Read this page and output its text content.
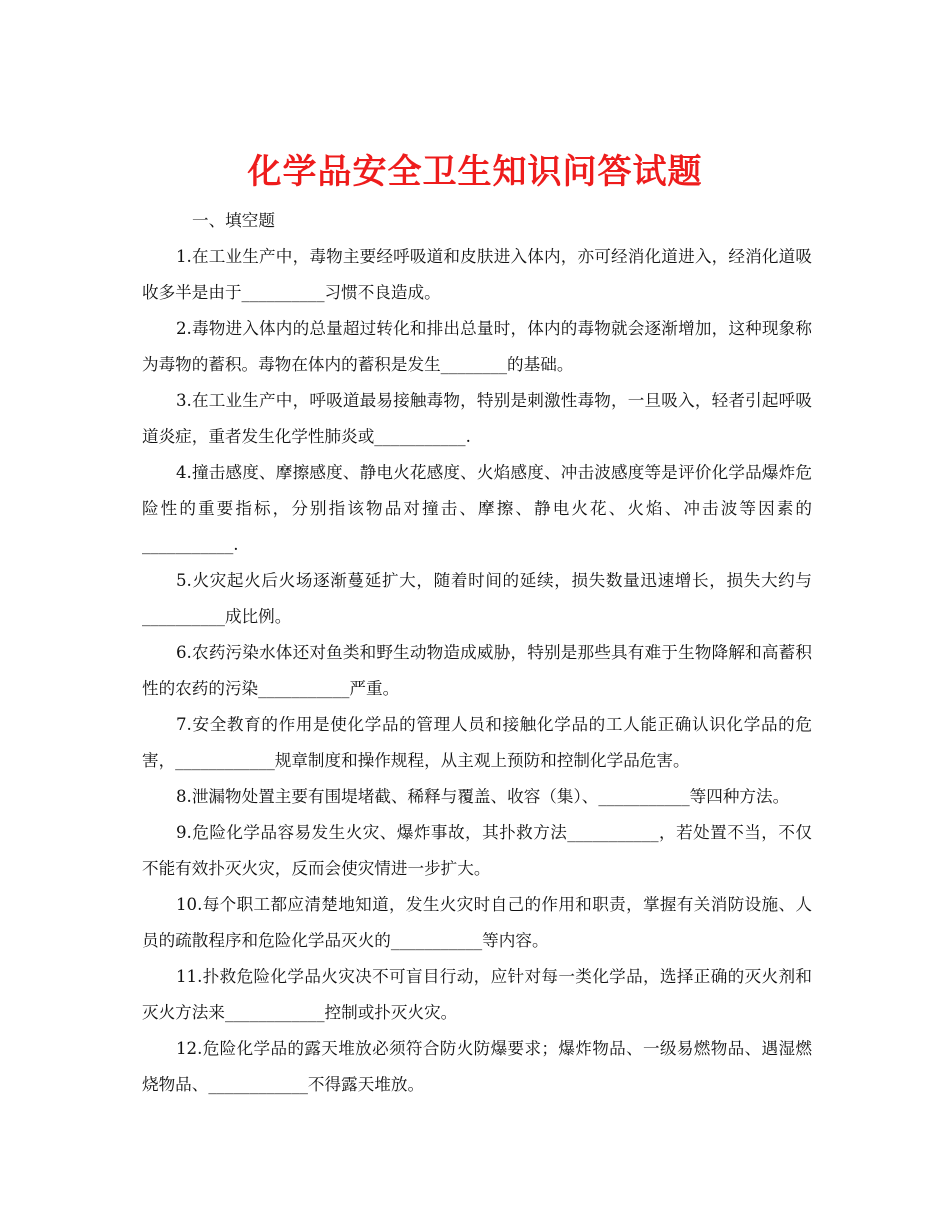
化学品安全卫生知识问答试题

一、填空题

1.在工业生产中，毒物主要经呼吸道和皮肤进入体内，亦可经消化道进入，经消化道吸收多半是由于__________习惯不良造成。

2.毒物进入体内的总量超过转化和排出总量时，体内的毒物就会逐渐增加，这种现象称为毒物的蓄积。毒物在体内的蓄积是发生________的基础。

3.在工业生产中，呼吸道最易接触毒物，特别是刺激性毒物，一旦吸入，轻者引起呼吸道炎症，重者发生化学性肺炎或___________.

4.撞击感度、摩擦感度、静电火花感度、火焰感度、冲击波感度等是评价化学品爆炸危险性的重要指标，分别指该物品对撞击、摩擦、静电火花、火焰、冲击波等因素的___________.

5.火灾起火后火场逐渐蔓延扩大，随着时间的延续，损失数量迅速增长，损失大约与__________成比例。

6.农药污染水体还对鱼类和野生动物造成威胁，特别是那些具有难于生物降解和高蓄积性的农药的污染___________严重。

7.安全教育的作用是使化学品的管理人员和接触化学品的工人能正确认识化学品的危害，____________规章制度和操作规程，从主观上预防和控制化学品危害。

8.泄漏物处置主要有围堤堵截、稀释与覆盖、收容（集）、___________等四种方法。

9.危险化学品容易发生火灾、爆炸事故，其扑救方法___________，若处置不当，不仅不能有效扑灭火灾，反而会使灾情进一步扩大。

10.每个职工都应清楚地知道，发生火灾时自己的作用和职责，掌握有关消防设施、人员的疏散程序和危险化学品灭火的___________等内容。

11.扑救危险化学品火灾决不可盲目行动，应针对每一类化学品，选择正确的灭火剂和灭火方法来____________控制或扑灭火灾。

12.危险化学品的露天堆放必须符合防火防爆要求；爆炸物品、一级易燃物品、遇湿燃烧物品、____________不得露天堆放。
